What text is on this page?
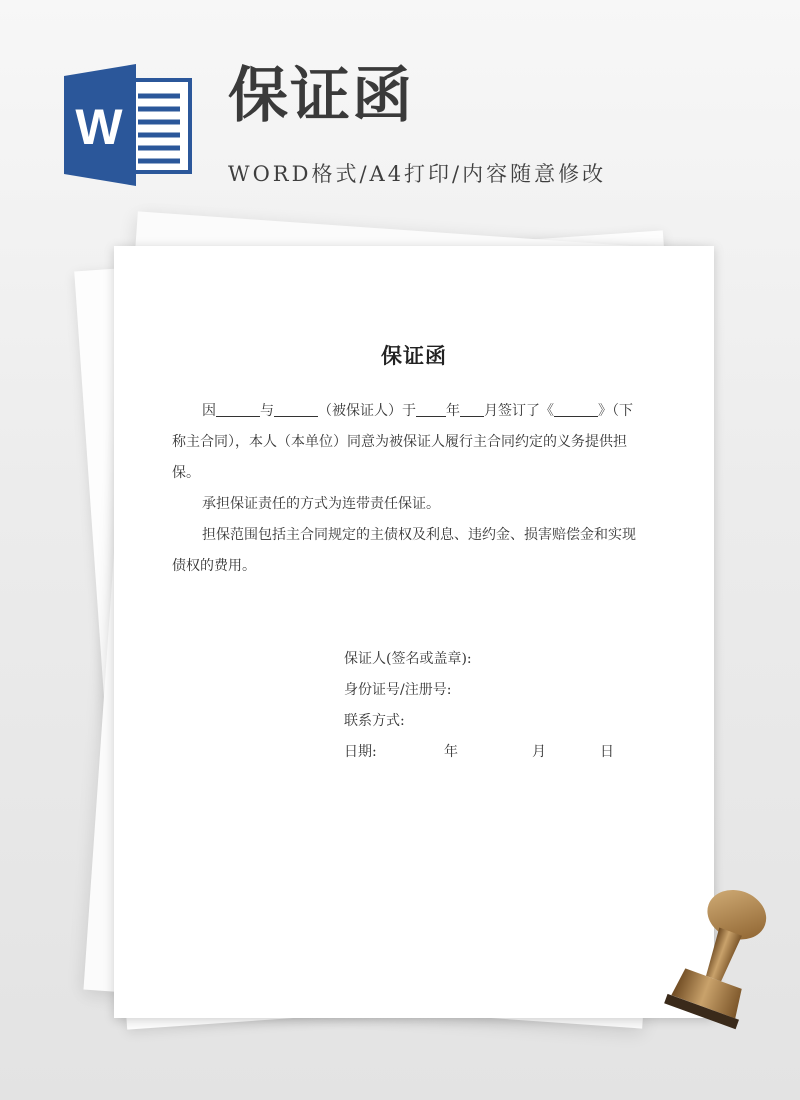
W 保证函
WORD格式/A4打印/内容随意修改
保证函
因	与	（被保证人）于 年 月签订了《	》（下称主合同），本人（本单位）同意为被保证人履行主合同约定的义务提供担保。
承担保证责任的方式为连带责任保证。
担保范围包括主合同规定的主债权及利息、违约金、损害赔偿金和实现债权的费用。
保证人(签名或盖章):
身份证号/注册号:
联系方式:
日期:	年	月	日
